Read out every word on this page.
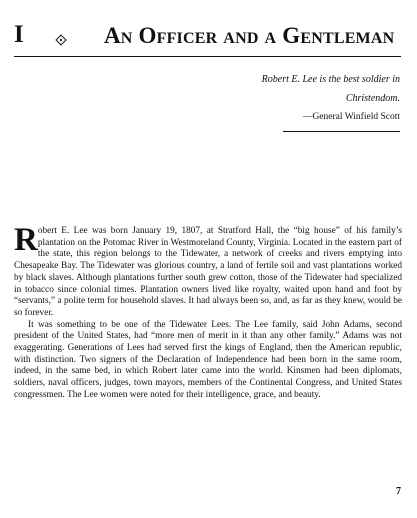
I	An Officer and a Gentleman
Robert E. Lee is the best soldier in Christendom.
—General Winfield Scott

Robert E. Lee was born January 19, 1807, at Stratford Hall, the “big house” of his family’s plantation on the Potomac River in Westmoreland County, Virginia. Located in the eastern part of the state, this region belongs to the Tidewater, a network of creeks and rivers emptying into Chesapeake Bay. The Tidewater was glorious country, a land of fertile soil and vast plantations worked by black slaves. Although plantations further south grew cotton, those of the Tidewater had specialized in tobacco since colonial times. Plantation owners lived like royalty, waited upon hand and foot by “servants,” a polite term for household slaves. It had always been so, and, as far as they knew, would be so forever.

It was something to be one of the Tidewater Lees. The Lee family, said John Adams, second president of the United States, had “more men of merit in it than any other family.” Adams was not exaggerating. Generations of Lees had served first the kings of England, then the American republic, with distinction. Two signers of the Declaration of Independence had been born in the same room, indeed, in the same bed, in which Robert later came into the world. Kinsmen had been diplomats, soldiers, naval officers, judges, town mayors, members of the Continental Congress, and United States congressmen. The Lee women were noted for their intelligence, grace, and beauty.

7
